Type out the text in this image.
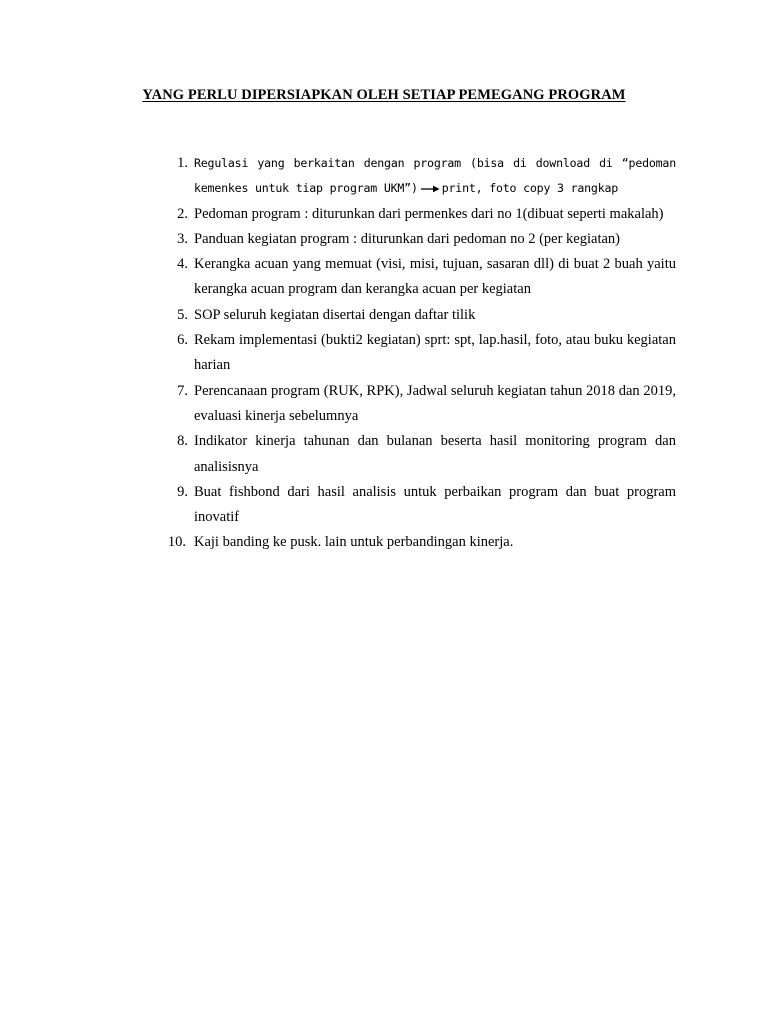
YANG PERLU DIPERSIAPKAN OLEH SETIAP PEMEGANG PROGRAM
1. Regulasi yang berkaitan dengan program (bisa di download di “pedoman kemenkes untuk tiap program UKM”) print, foto copy 3 rangkap
2. Pedoman program : diturunkan dari permenkes dari no 1(dibuat seperti makalah)
3. Panduan kegiatan program : diturunkan dari pedoman no 2 (per kegiatan)
4. Kerangka acuan yang memuat (visi, misi, tujuan, sasaran dll) di buat 2 buah yaitu kerangka acuan program dan kerangka acuan per kegiatan
5. SOP seluruh kegiatan disertai dengan daftar tilik
6. Rekam implementasi (bukti2 kegiatan) sprt: spt, lap.hasil, foto, atau buku kegiatan harian
7. Perencanaan program (RUK, RPK), Jadwal seluruh kegiatan tahun 2018 dan 2019, evaluasi kinerja sebelumnya
8. Indikator kinerja tahunan dan bulanan beserta hasil monitoring program dan analisisnya
9. Buat fishbond dari hasil analisis untuk perbaikan program dan buat program inovatif
10. Kaji banding ke pusk. lain untuk perbandingan kinerja.
